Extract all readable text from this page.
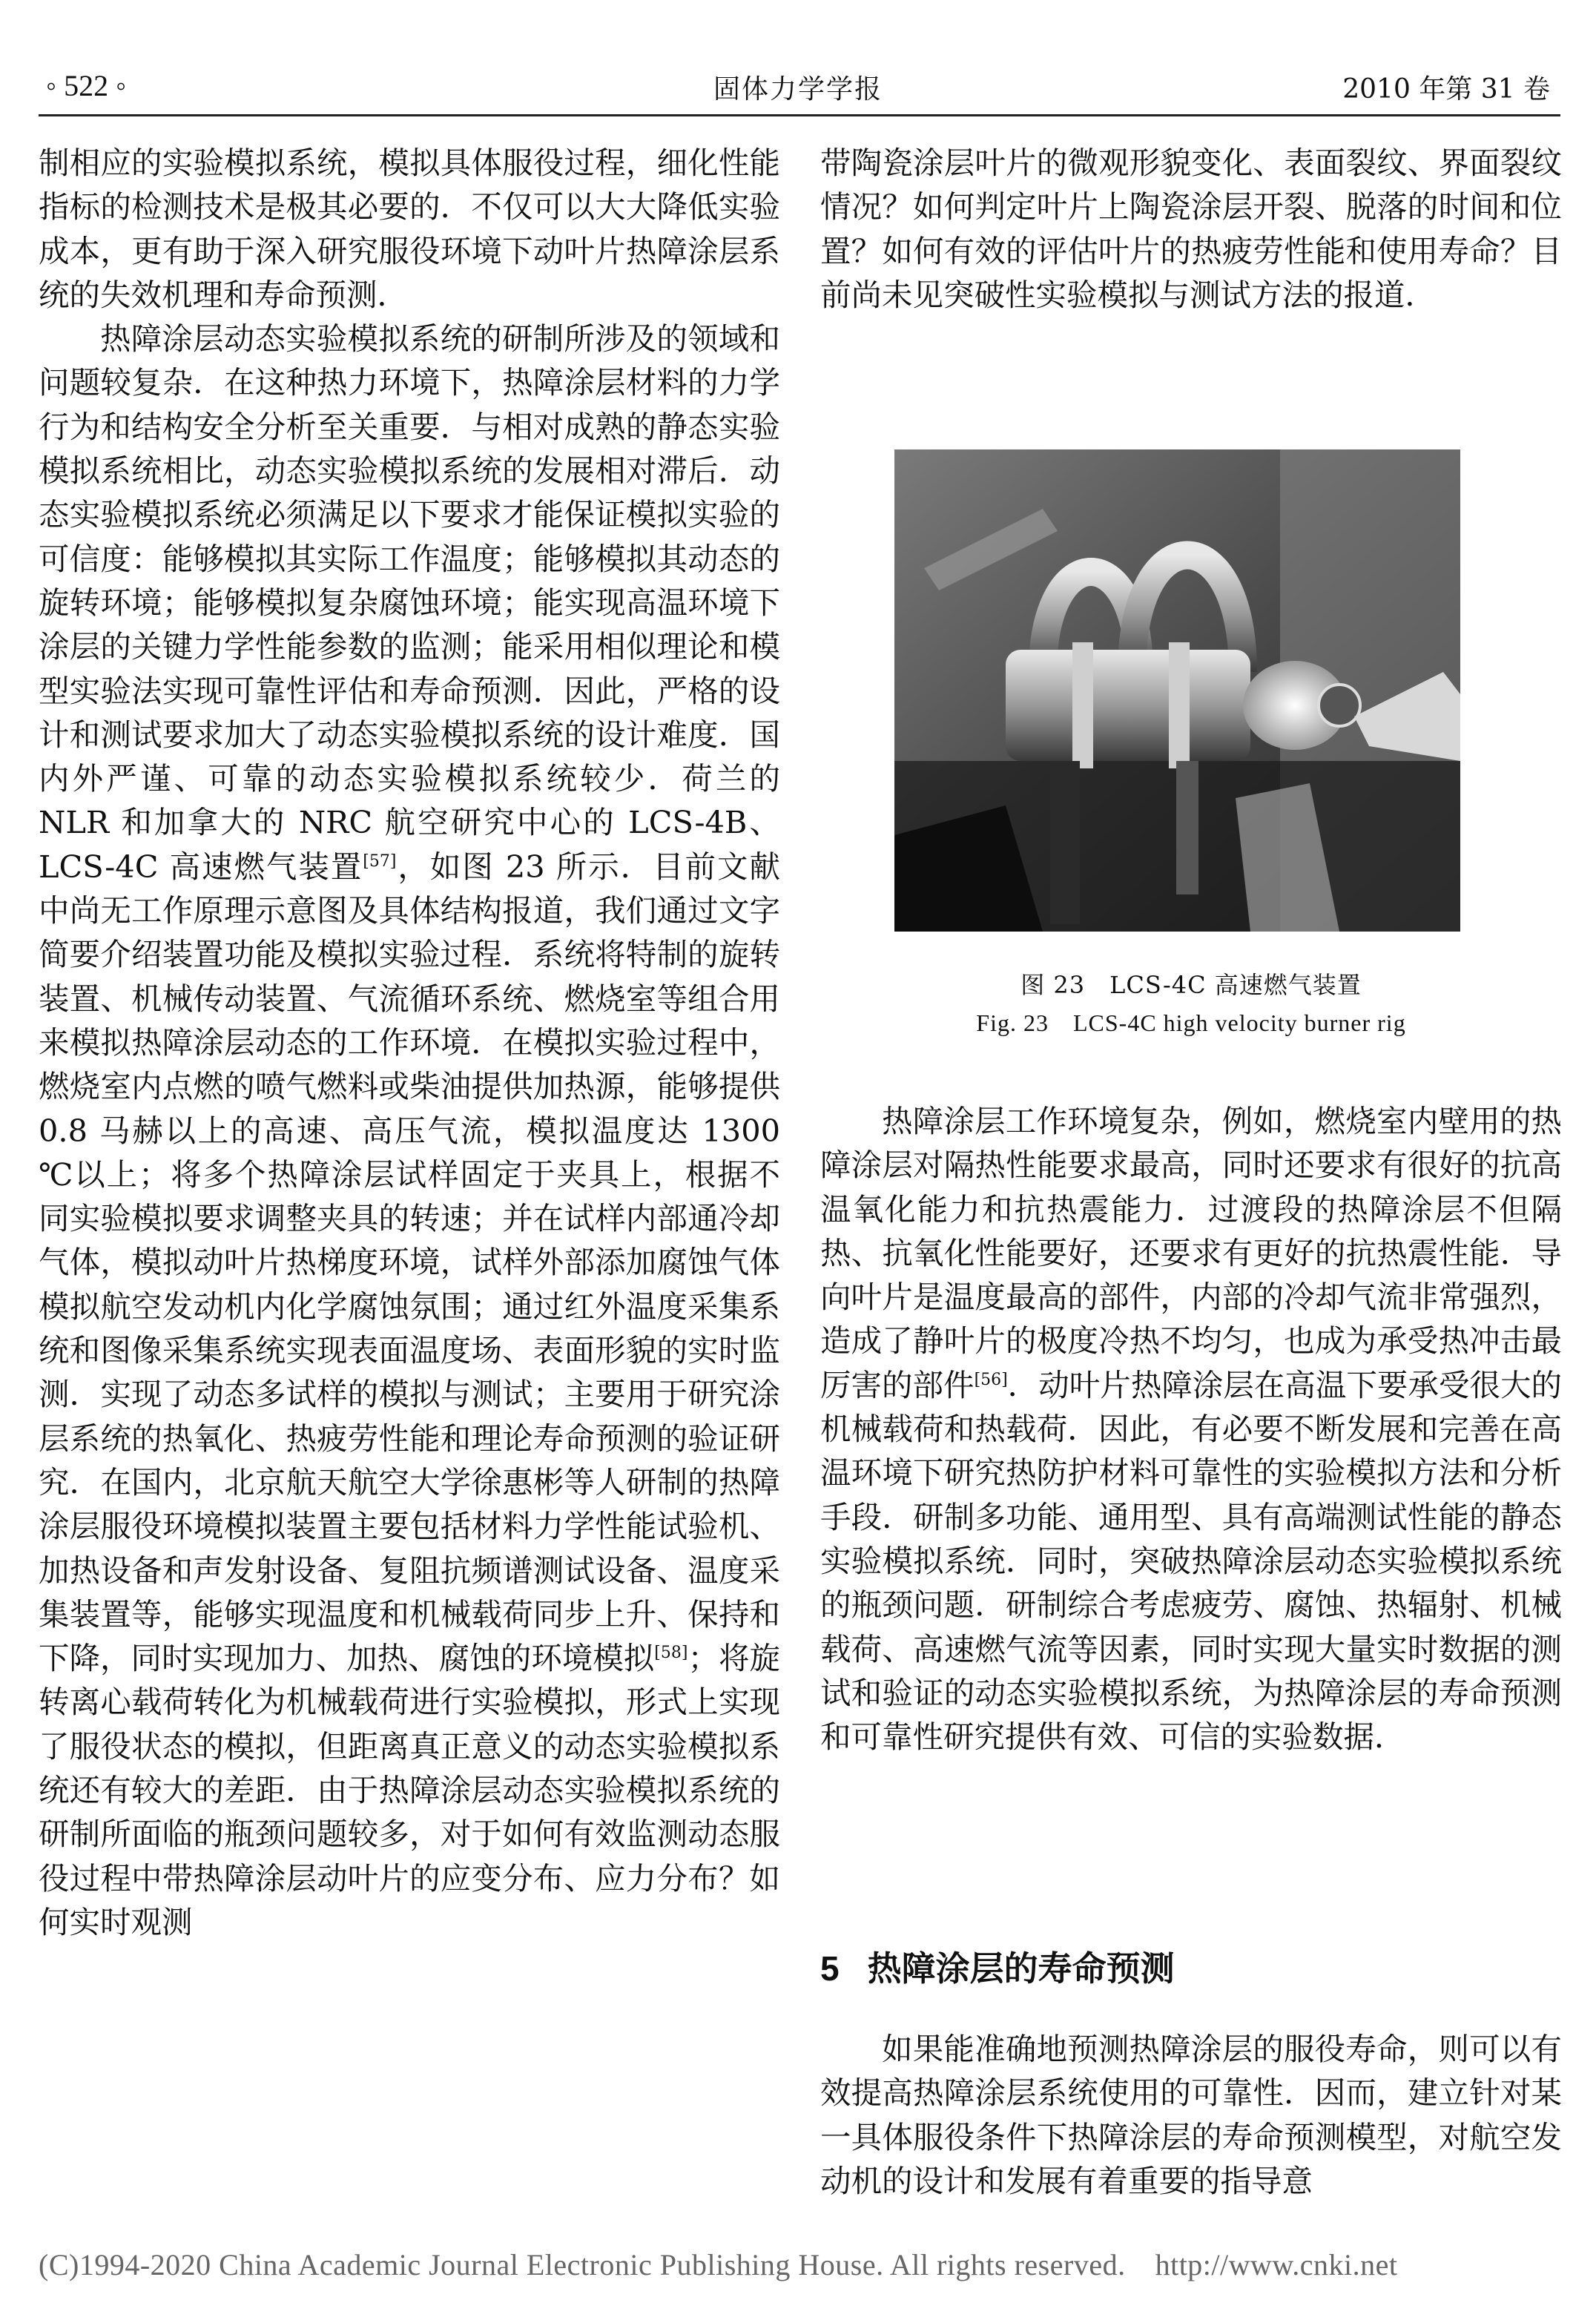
◦ 522 ◦	固体力学学报	2010 年第 31 卷

制相应的实验模拟系统，模拟具体服役过程，细化性能指标的检测技术是极其必要的．不仅可以大大降低实验成本，更有助于深入研究服役环境下动叶片热障涂层系统的失效机理和寿命预测．

热障涂层动态实验模拟系统的研制所涉及的领域和问题较复杂．在这种热力环境下，热障涂层材料的力学行为和结构安全分析至关重要．与相对成熟的静态实验模拟系统相比，动态实验模拟系统的发展相对滞后．动态实验模拟系统必须满足以下要求才能保证模拟实验的可信度：能够模拟其实际工作温度；能够模拟其动态的旋转环境；能够模拟复杂腐蚀环境；能实现高温环境下涂层的关键力学性能参数的监测；能采用相似理论和模型实验法实现可靠性评估和寿命预测．因此，严格的设计和测试要求加大了动态实验模拟系统的设计难度．国内外严谨、可靠的动态实验模拟系统较少．荷兰的 NLR 和加拿大的 NRC 航空研究中心的 LCS-4B、LCS-4C 高速燃气装置[57]，如图 23 所示．目前文献中尚无工作原理示意图及具体结构报道，我们通过文字简要介绍装置功能及模拟实验过程．系统将特制的旋转装置、机械传动装置、气流循环系统、燃烧室等组合用来模拟热障涂层动态的工作环境．在模拟实验过程中，燃烧室内点燃的喷气燃料或柴油提供加热源，能够提供 0.8 马赫以上的高速、高压气流，模拟温度达 1300 ℃以上；将多个热障涂层试样固定于夹具上，根据不同实验模拟要求调整夹具的转速；并在试样内部通冷却气体，模拟动叶片热梯度环境，试样外部添加腐蚀气体模拟航空发动机内化学腐蚀氛围；通过红外温度采集系统和图像采集系统实现表面温度场、表面形貌的实时监测．实现了动态多试样的模拟与测试；主要用于研究涂层系统的热氧化、热疲劳性能和理论寿命预测的验证研究．在国内，北京航天航空大学徐惠彬等人研制的热障涂层服役环境模拟装置主要包括材料力学性能试验机、加热设备和声发射设备、复阻抗频谱测试设备、温度采集装置等，能够实现温度和机械载荷同步上升、保持和下降，同时实现加力、加热、腐蚀的环境模拟[58]；将旋转离心载荷转化为机械载荷进行实验模拟，形式上实现了服役状态的模拟，但距离真正意义的动态实验模拟系统还有较大的差距．由于热障涂层动态实验模拟系统的研制所面临的瓶颈问题较多，对于如何有效监测动态服役过程中带热障涂层动叶片的应变分布、应力分布？如何实时观测

带陶瓷涂层叶片的微观形貌变化、表面裂纹、界面裂纹情况？如何判定叶片上陶瓷涂层开裂、脱落的时间和位置？如何有效的评估叶片的热疲劳性能和使用寿命？目前尚未见突破性实验模拟与测试方法的报道．

图 23　LCS-4C 高速燃气装置
Fig. 23　LCS-4C high velocity burner rig

热障涂层工作环境复杂，例如，燃烧室内壁用的热障涂层对隔热性能要求最高，同时还要求有很好的抗高温氧化能力和抗热震能力．过渡段的热障涂层不但隔热、抗氧化性能要好，还要求有更好的抗热震性能．导向叶片是温度最高的部件，内部的冷却气流非常强烈，造成了静叶片的极度冷热不均匀，也成为承受热冲击最厉害的部件[56]．动叶片热障涂层在高温下要承受很大的机械载荷和热载荷．因此，有必要不断发展和完善在高温环境下研究热防护材料可靠性的实验模拟方法和分析手段．研制多功能、通用型、具有高端测试性能的静态实验模拟系统．同时，突破热障涂层动态实验模拟系统的瓶颈问题．研制综合考虑疲劳、腐蚀、热辐射、机械载荷、高速燃气流等因素，同时实现大量实时数据的测试和验证的动态实验模拟系统，为热障涂层的寿命预测和可靠性研究提供有效、可信的实验数据．

5 热障涂层的寿命预测

如果能准确地预测热障涂层的服役寿命，则可以有效提高热障涂层系统使用的可靠性．因而，建立针对某一具体服役条件下热障涂层的寿命预测模型，对航空发动机的设计和发展有着重要的指导意

(C)1994-2020 China Academic Journal Electronic Publishing House. All rights reserved. http://www.cnki.net
